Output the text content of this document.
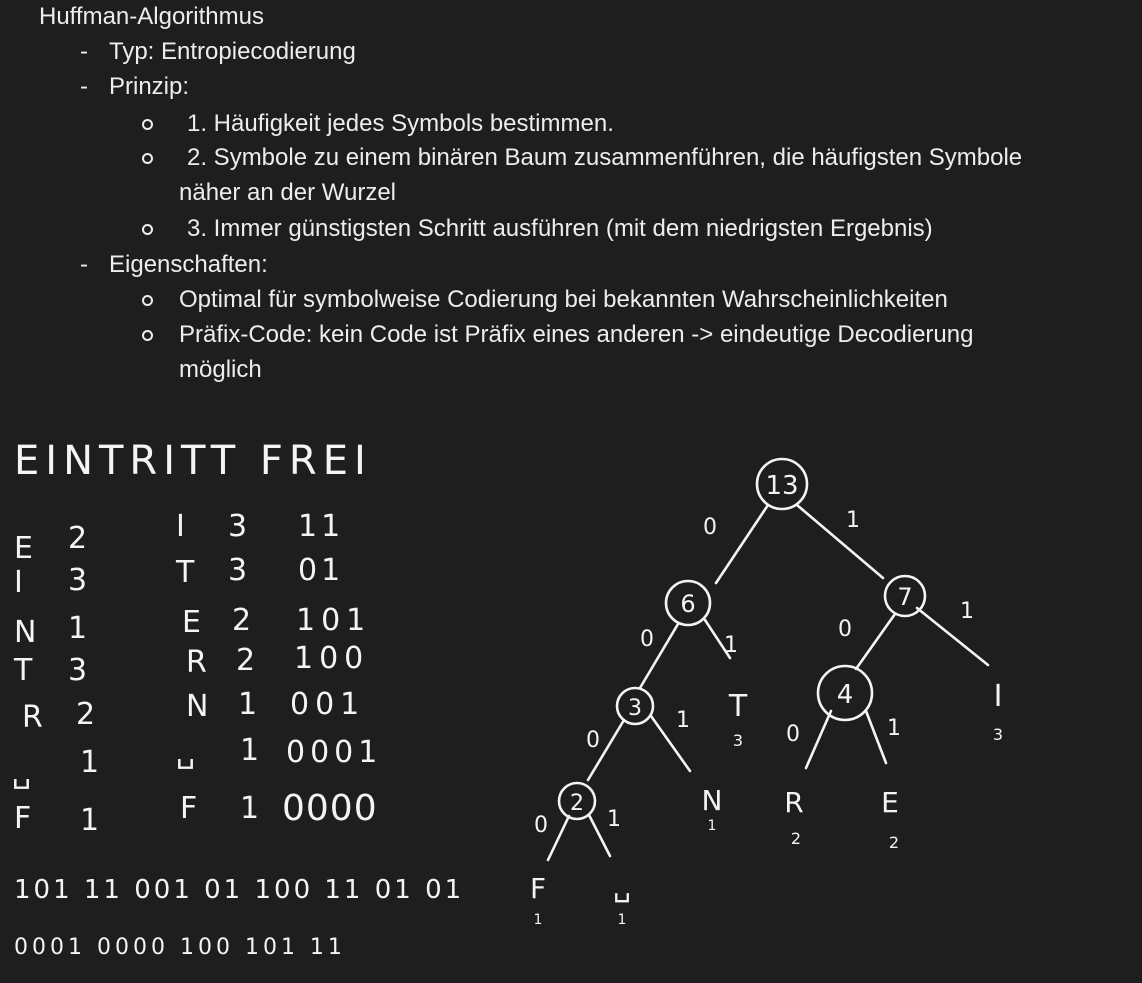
Huffman-Algorithmus
- Typ: Entropiecodierung
- Prinzip:
1. Häufigkeit jedes Symbols bestimmen.
2. Symbole zu einem binären Baum zusammenführen, die häufigsten Symbole
näher an der Wurzel
3. Immer günstigsten Schritt ausführen (mit dem niedrigsten Ergebnis)
- Eigenschaften:
Optimal für symbolweise Codierung bei bekannten Wahrscheinlichkeiten
Präfix-Code: kein Code ist Präfix eines anderen -> eindeutige Decodierung
möglich
EINTRITT FREI
E 2
I 3
N 1
T 3
R 2
␣ 1
F 1
I 3 11
T 3 01
E 2 101
R 2 100
N 1 001
␣ 1 0001
F 1 0000
101 11 001 01 100 11 01 01
0001 0000 100 101 11
13
6	7
3	4
2
0	1
0	1
0
1
0
1
0	1
0	1
T
3
I
3
N
1
R
2
E
2
F
1
␣
1
